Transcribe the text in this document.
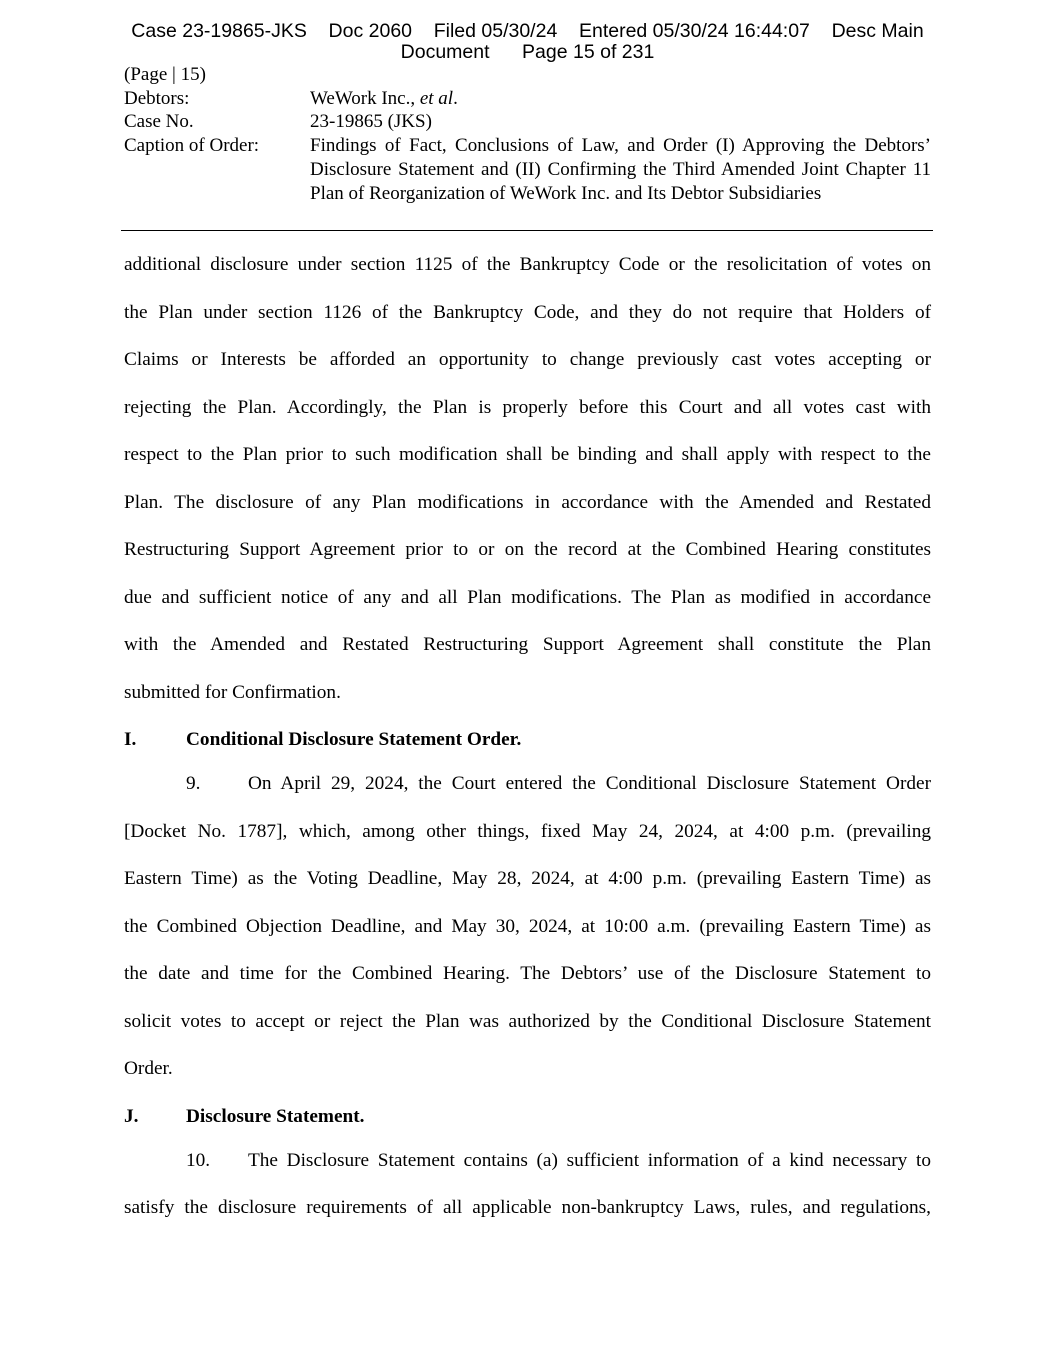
Case 23-19865-JKS    Doc 2060    Filed 05/30/24    Entered 05/30/24 16:44:07    Desc Main
Document      Page 15 of 231
(Page | 15)
Debtors:	WeWork Inc., et al.
Case No.	23-19865 (JKS)
Caption of Order:	Findings of Fact, Conclusions of Law, and Order (I) Approving the Debtors’ Disclosure Statement and (II) Confirming the Third Amended Joint Chapter 11 Plan of Reorganization of WeWork Inc. and Its Debtor Subsidiaries
additional disclosure under section 1125 of the Bankruptcy Code or the resolicitation of votes on
the Plan under section 1126 of the Bankruptcy Code, and they do not require that Holders of
Claims or Interests be afforded an opportunity to change previously cast votes accepting or
rejecting the Plan. Accordingly, the Plan is properly before this Court and all votes cast with
respect to the Plan prior to such modification shall be binding and shall apply with respect to the
Plan. The disclosure of any Plan modifications in accordance with the Amended and Restated
Restructuring Support Agreement prior to or on the record at the Combined Hearing constitutes
due and sufficient notice of any and all Plan modifications. The Plan as modified in accordance
with the Amended and Restated Restructuring Support Agreement shall constitute the Plan
submitted for Confirmation.
I.	Conditional Disclosure Statement Order.
9.	On April 29, 2024, the Court entered the Conditional Disclosure Statement Order
[Docket No. 1787], which, among other things, fixed May 24, 2024, at 4:00 p.m. (prevailing
Eastern Time) as the Voting Deadline, May 28, 2024, at 4:00 p.m. (prevailing Eastern Time) as
the Combined Objection Deadline, and May 30, 2024, at 10:00 a.m. (prevailing Eastern Time) as
the date and time for the Combined Hearing. The Debtors’ use of the Disclosure Statement to
solicit votes to accept or reject the Plan was authorized by the Conditional Disclosure Statement
Order.
J.	Disclosure Statement.
10.	The Disclosure Statement contains (a) sufficient information of a kind necessary to
satisfy the disclosure requirements of all applicable non-bankruptcy Laws, rules, and regulations,
